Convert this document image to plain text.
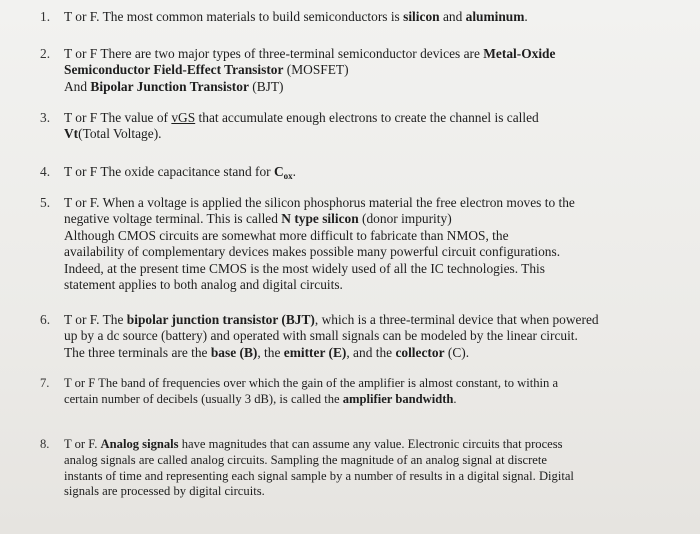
1.	T or F. The most common materials to build semiconductors is silicon and aluminum.
2.	T or F There are two major types of three-terminal semiconductor devices are Metal-Oxide
Semiconductor Field-Effect Transistor (MOSFET)
And Bipolar Junction Transistor (BJT)
3.	T or F The value of vGS that accumulate enough electrons to create the channel is called
Vt(Total Voltage).
4.	T or F The oxide capacitance stand for $C_{ox}$.
5.	T or F. When a voltage is applied the silicon phosphorus material the free electron moves to the
negative voltage terminal. This is called N type silicon (donor impurity)
Although CMOS circuits are somewhat more difficult to fabricate than NMOS, the
availability of complementary devices makes possible many powerful circuit configurations.
Indeed, at the present time CMOS is the most widely used of all the IC technologies. This
statement applies to both analog and digital circuits.
6.	T or F. The bipolar junction transistor (BJT), which is a three-terminal device that when powered
up by a dc source (battery) and operated with small signals can be modeled by the linear circuit.
The three terminals are the base (B), the emitter (E), and the collector (C).
7.	T or F The band of frequencies over which the gain of the amplifier is almost constant, to within a
certain number of decibels (usually 3 dB), is called the amplifier bandwidth.
8.	T or F. Analog signals have magnitudes that can assume any value. Electronic circuits that process
analog signals are called analog circuits. Sampling the magnitude of an analog signal at discrete
instants of time and representing each signal sample by a number of results in a digital signal. Digital
signals are processed by digital circuits.
